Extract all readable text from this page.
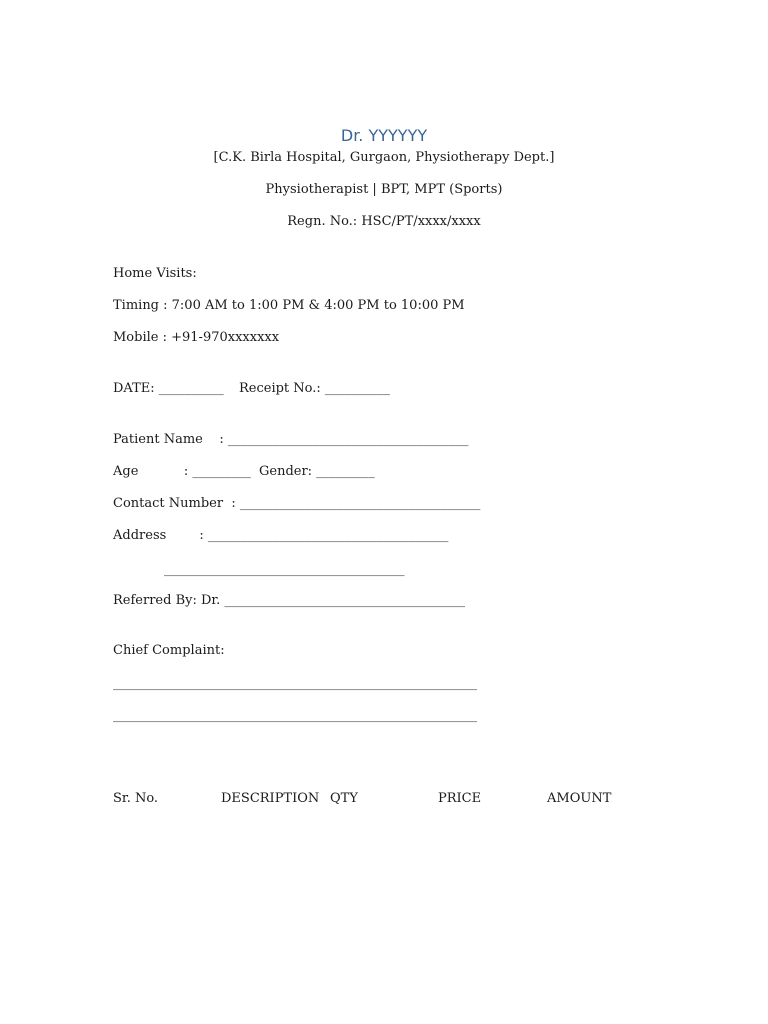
Dr. YYYYYY
[C.K. Birla Hospital, Gurgaon, Physiotherapy Dept.]
Physiotherapist | BPT, MPT (Sports)
Regn. No.: HSC/PT/xxxx/xxxx
Home Visits:
Timing : 7:00 AM to 1:00 PM & 4:00 PM to 10:00 PM
Mobile : +91-970xxxxxxx
DATE: __________ Receipt No.: __________
Patient Name    : _____________________________________
Age           : _________ Gender: _________
Contact Number  : _____________________________________
Address        : _____________________________________
_____________________________________
Referred By: Dr. _____________________________________
Chief Complaint:
________________________________________________________
________________________________________________________
Sr. No.	DESCRIPTION QTY	PRICE	AMOUNT
